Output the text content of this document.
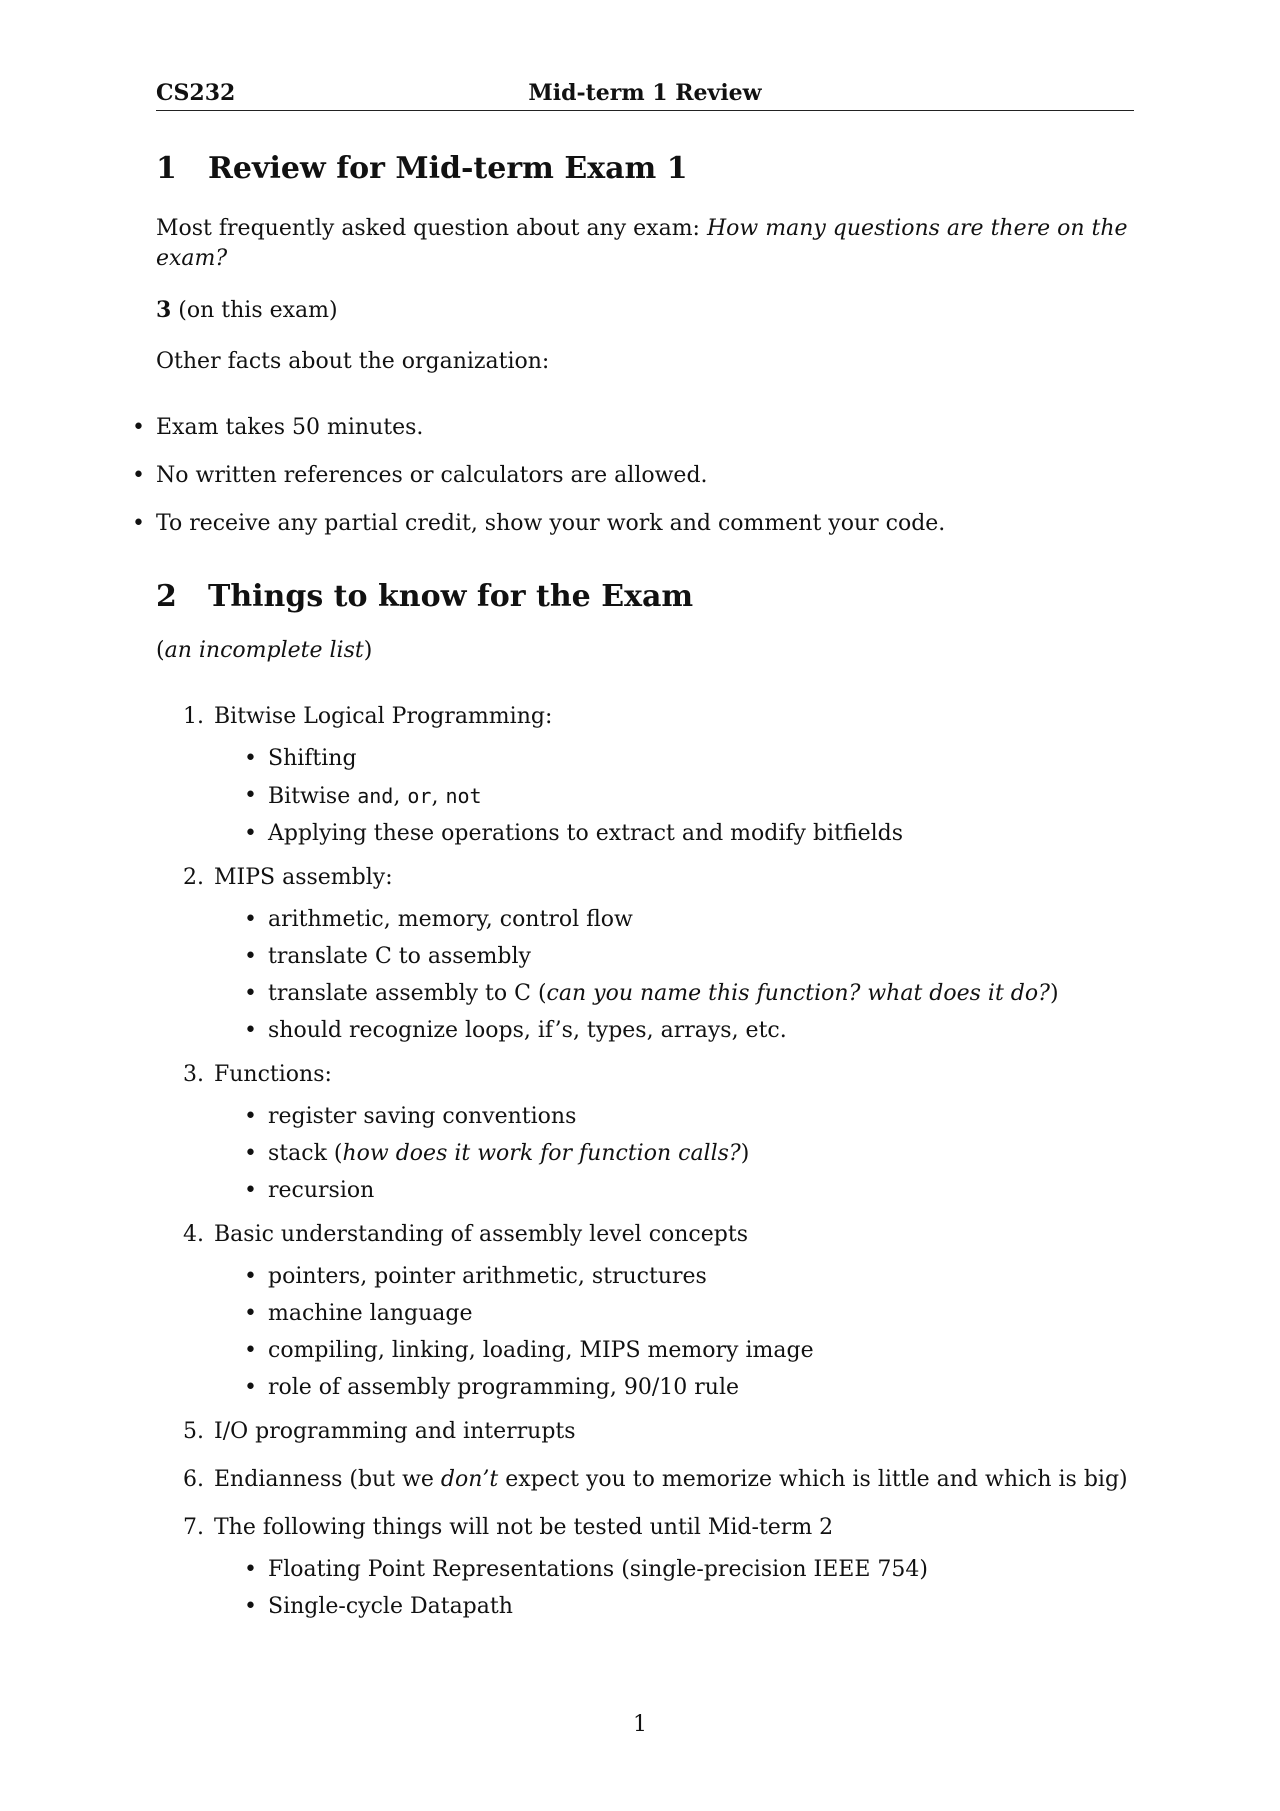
CS232	Mid-term 1 Review
1 Review for Mid-term Exam 1

Most frequently asked question about any exam: How many questions are there on the exam?

3 (on this exam)

Other facts about the organization:

• Exam takes 50 minutes.
• No written references or calculators are allowed.
• To receive any partial credit, show your work and comment your code.
2 Things to know for the Exam

(an incomplete list)

1. Bitwise Logical Programming:
• Shifting
• Bitwise and, or, not
• Applying these operations to extract and modify bitfields
2. MIPS assembly:
• arithmetic, memory, control flow
• translate C to assembly
• translate assembly to C (can you name this function? what does it do?)
• should recognize loops, if’s, types, arrays, etc.
3. Functions:
• register saving conventions
• stack (how does it work for function calls?)
• recursion
4. Basic understanding of assembly level concepts
• pointers, pointer arithmetic, structures
• machine language
• compiling, linking, loading, MIPS memory image
• role of assembly programming, 90/10 rule
5. I/O programming and interrupts
6. Endianness (but we don’t expect you to memorize which is little and which is big)
7. The following things will not be tested until Mid-term 2
• Floating Point Representations (single-precision IEEE 754)
• Single-cycle Datapath
1
